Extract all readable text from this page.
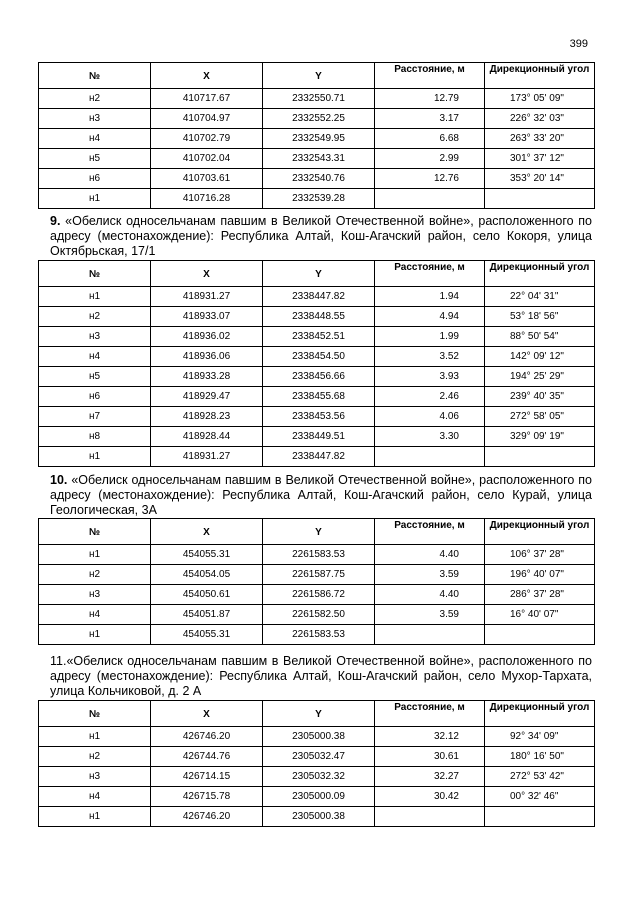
399
№	X	Y	Расстояние, м	Дирекционный угол
н2	410717.67	2332550.71	12.79	173° 05' 09"
н3	410704.97	2332552.25	3.17	226° 32' 03"
н4	410702.79	2332549.95	6.68	263° 33' 20"
н5	410702.04	2332543.31	2.99	301° 37' 12"
н6	410703.61	2332540.76	12.76	353° 20' 14"
н1	410716.28	2332539.28		

9. «Обелиск односельчанам павшим в Великой Отечественной войне», расположенного по адресу (местонахождение): Республика Алтай, Кош-Агачский район, село Кокоря, улица Октябрьская, 17/1

№	X	Y	Расстояние, м	Дирекционный угол
н1	418931.27	2338447.82	1.94	22° 04' 31"
н2	418933.07	2338448.55	4.94	53° 18' 56"
н3	418936.02	2338452.51	1.99	88° 50' 54"
н4	418936.06	2338454.50	3.52	142° 09' 12"
н5	418933.28	2338456.66	3.93	194° 25' 29"
н6	418929.47	2338455.68	2.46	239° 40' 35"
н7	418928.23	2338453.56	4.06	272° 58' 05"
н8	418928.44	2338449.51	3.30	329° 09' 19"
н1	418931.27	2338447.82		

10. «Обелиск односельчанам павшим в Великой Отечественной войне», расположенного по адресу (местонахождение): Республика Алтай, Кош-Агачский район, село Курай, улица Геологическая, 3А

№	X	Y	Расстояние, м	Дирекционный угол
н1	454055.31	2261583.53	4.40	106° 37' 28"
н2	454054.05	2261587.75	3.59	196° 40' 07"
н3	454050.61	2261586.72	4.40	286° 37' 28"
н4	454051.87	2261582.50	3.59	16° 40' 07"
н1	454055.31	2261583.53		

11.«Обелиск односельчанам павшим в Великой Отечественной войне», расположенного по адресу (местонахождение): Республика Алтай, Кош-Агачский район, село Мухор-Тархата, улица Кольчиковой, д. 2 А

№	X	Y	Расстояние, м	Дирекционный угол
н1	426746.20	2305000.38	32.12	92° 34' 09"
н2	426744.76	2305032.47	30.61	180° 16' 50"
н3	426714.15	2305032.32	32.27	272° 53' 42"
н4	426715.78	2305000.09	30.42	00° 32' 46"
н1	426746.20	2305000.38		
